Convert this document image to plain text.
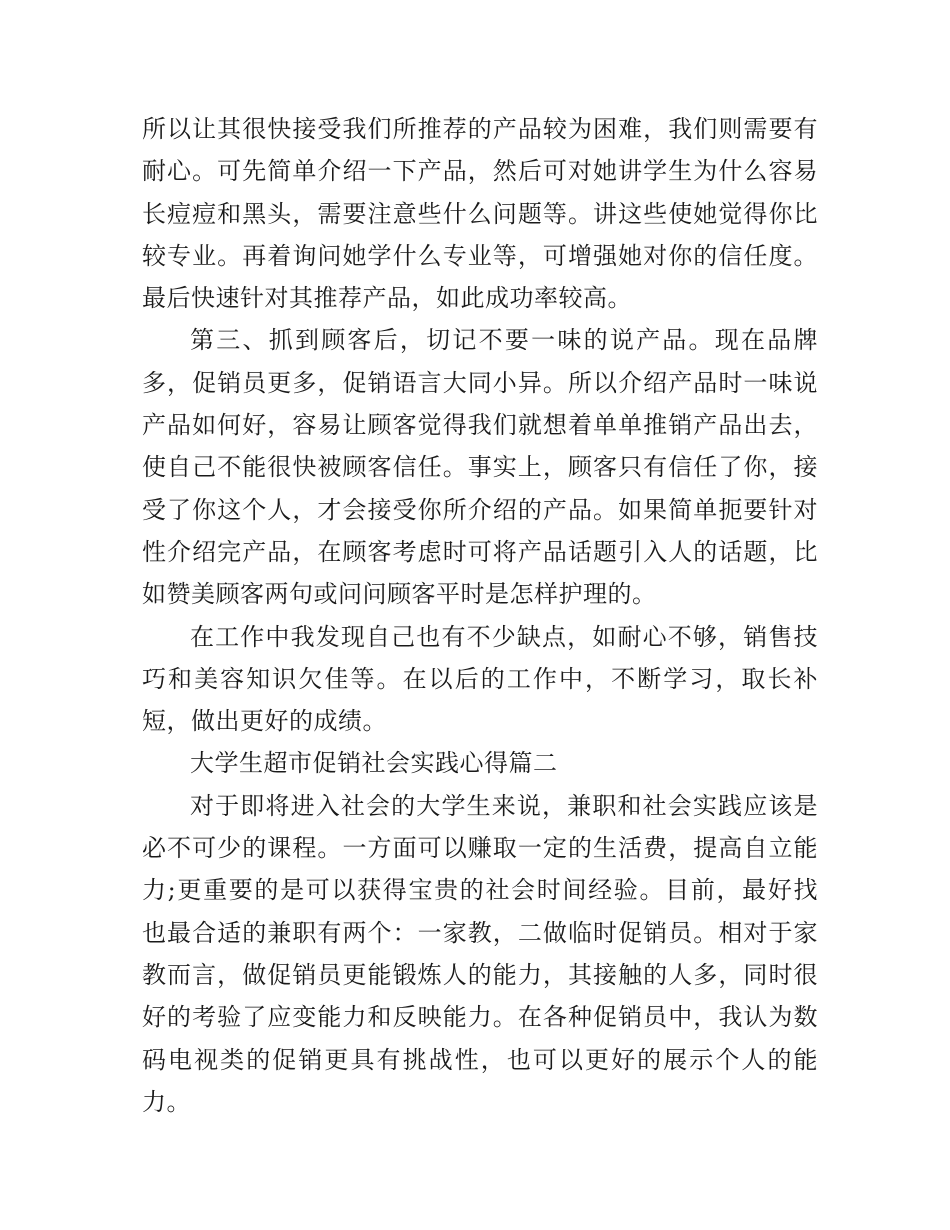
所以让其很快接受我们所推荐的产品较为困难，我们则需要有
耐心。可先简单介绍一下产品，然后可对她讲学生为什么容易
长痘痘和黑头，需要注意些什么问题等。讲这些使她觉得你比
较专业。再着询问她学什么专业等，可增强她对你的信任度。
最后快速针对其推荐产品，如此成功率较高。
第三、抓到顾客后，切记不要一味的说产品。现在品牌
多，促销员更多，促销语言大同小异。所以介绍产品时一味说
产品如何好，容易让顾客觉得我们就想着单单推销产品出去，
使自己不能很快被顾客信任。事实上，顾客只有信任了你，接
受了你这个人，才会接受你所介绍的产品。如果简单扼要针对
性介绍完产品，在顾客考虑时可将产品话题引入人的话题，比
如赞美顾客两句或问问顾客平时是怎样护理的。
在工作中我发现自己也有不少缺点，如耐心不够，销售技
巧和美容知识欠佳等。在以后的工作中，不断学习，取长补
短，做出更好的成绩。
大学生超市促销社会实践心得篇二
对于即将进入社会的大学生来说，兼职和社会实践应该是
必不可少的课程。一方面可以赚取一定的生活费，提高自立能
力;更重要的是可以获得宝贵的社会时间经验。目前，最好找
也最合适的兼职有两个：一家教，二做临时促销员。相对于家
教而言，做促销员更能锻炼人的能力，其接触的人多，同时很
好的考验了应变能力和反映能力。在各种促销员中，我认为数
码电视类的促销更具有挑战性，也可以更好的展示个人的能
力。
